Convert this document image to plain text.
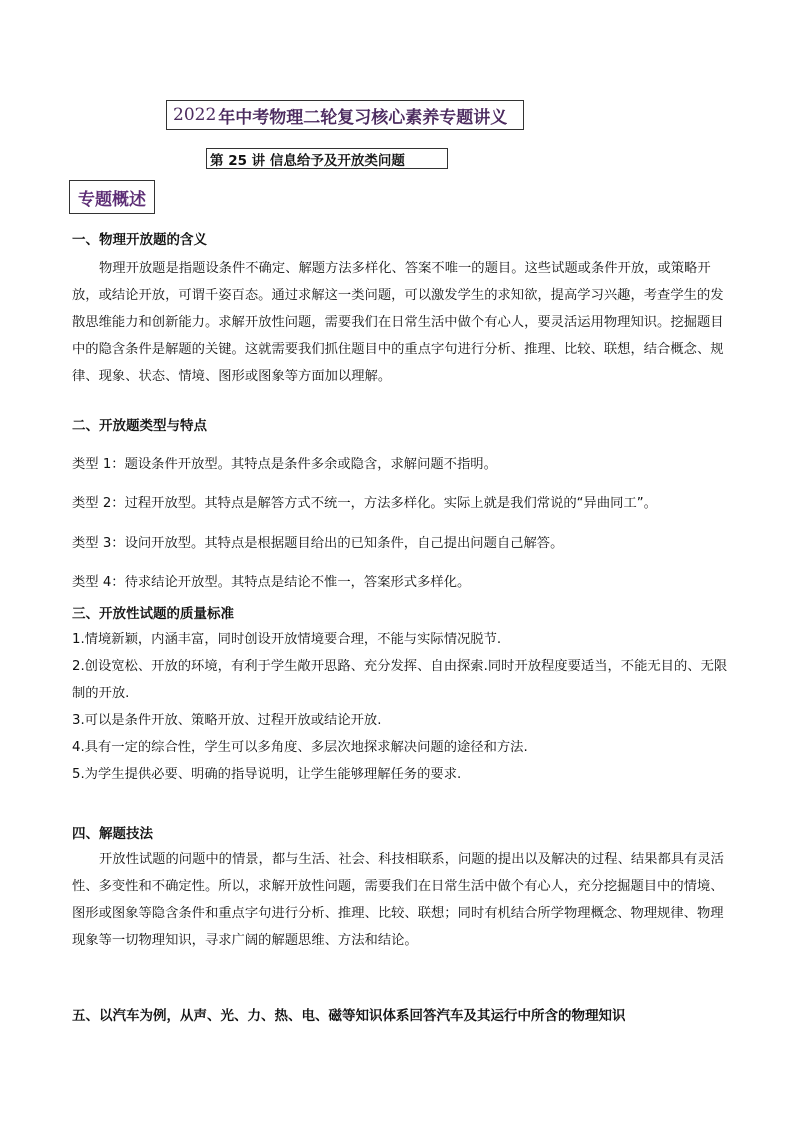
2022 年中考物理二轮复习核心素养专题讲义
第 25 讲 信息给予及开放类问题
专题概述
一、物理开放题的含义
物理开放题是指题设条件不确定、解题方法多样化、答案不唯一的题目。这些试题或条件开放，或策略开放，或结论开放，可谓千姿百态。通过求解这一类问题，可以激发学生的求知欲，提高学习兴趣，考查学生的发散思维能力和创新能力。求解开放性问题，需要我们在日常生活中做个有心人，要灵活运用物理知识。挖掘题目中的隐含条件是解题的关键。这就需要我们抓住题目中的重点字句进行分析、推理、比较、联想，结合概念、规律、现象、状态、情境、图形或图象等方面加以理解。
二、开放题类型与特点
类型 1：题设条件开放型。其特点是条件多余或隐含，求解问题不指明。
类型 2：过程开放型。其特点是解答方式不统一，方法多样化。实际上就是我们常说的“异曲同工”。
类型 3：设问开放型。其特点是根据题目给出的已知条件，自己提出问题自己解答。
类型 4：待求结论开放型。其特点是结论不惟一，答案形式多样化。
三、开放性试题的质量标准
1.情境新颖，内涵丰富，同时创设开放情境要合理，不能与实际情况脱节.
2.创设宽松、开放的环境，有利于学生敞开思路、充分发挥、自由探索.同时开放程度要适当，不能无目的、无限制的开放.
3.可以是条件开放、策略开放、过程开放或结论开放.
4.具有一定的综合性，学生可以多角度、多层次地探求解决问题的途径和方法.
5.为学生提供必要、明确的指导说明，让学生能够理解任务的要求.
四、解题技法
开放性试题的问题中的情景，都与生活、社会、科技相联系，问题的提出以及解决的过程、结果都具有灵活性、多变性和不确定性。所以，求解开放性问题，需要我们在日常生活中做个有心人，充分挖掘题目中的情境、图形或图象等隐含条件和重点字句进行分析、推理、比较、联想；同时有机结合所学物理概念、物理规律、物理现象等一切物理知识，寻求广阔的解题思维、方法和结论。
五、以汽车为例，从声、光、力、热、电、磁等知识体系回答汽车及其运行中所含的物理知识
